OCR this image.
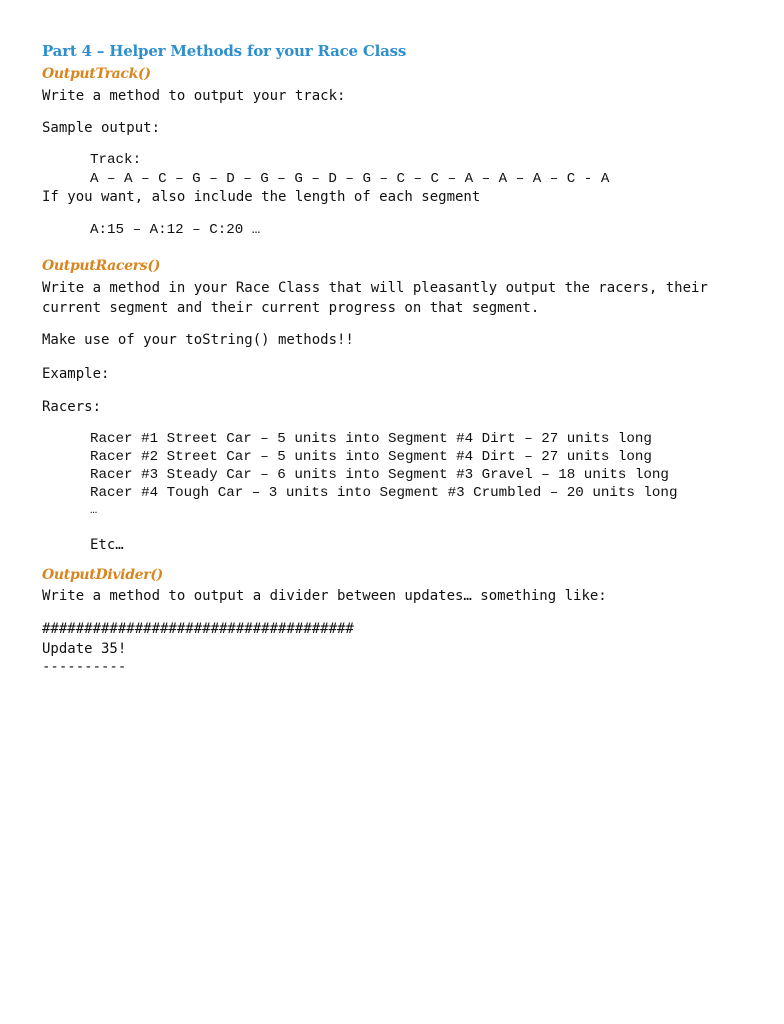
Part 4 – Helper Methods for your Race Class
OutputTrack()
Write a method to output your track:
Sample output:
Track:
A – A – C – G – D – G – G – D – G – C – C – A – A – A – C - A
If you want, also include the length of each segment
A:15 – A:12 – C:20 …
OutputRacers()
Write a method in your Race Class that will pleasantly output the racers, their
current segment and their current progress on that segment.
Make use of your toString() methods!!
Example:
Racers:
Racer #1 Street Car – 5 units into Segment #4 Dirt – 27 units long
Racer #2 Street Car – 5 units into Segment #4 Dirt – 27 units long
Racer #3 Steady Car – 6 units into Segment #3 Gravel – 18 units long
Racer #4 Tough Car – 3 units into Segment #3 Crumbled – 20 units long
…
Etc…
OutputDivider()
Write a method to output a divider between updates… something like:
#####################################
Update 35!
----------
